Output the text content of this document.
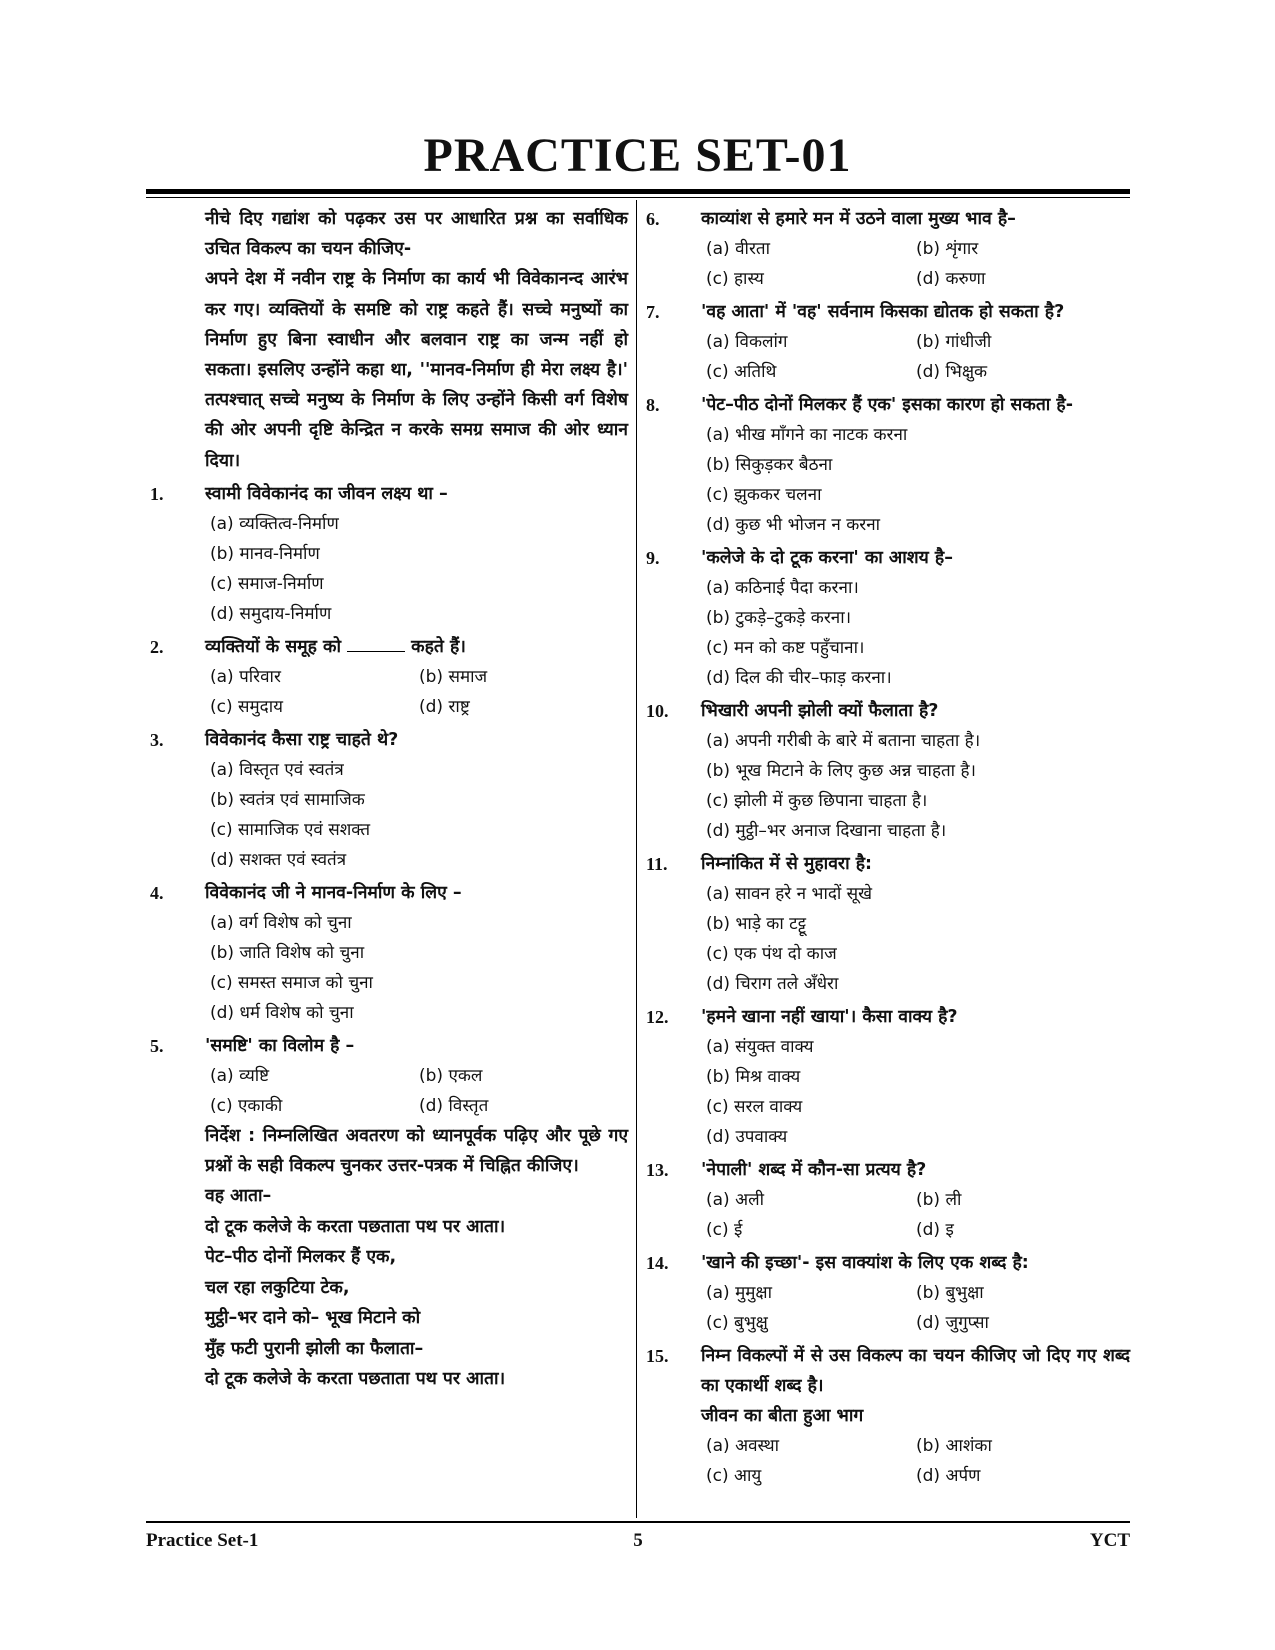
PRACTICE SET-01
नीचे दिए गद्यांश को पढ़कर उस पर आधारित प्रश्न का सर्वाधिक उचित विकल्प का चयन कीजिए-
अपने देश में नवीन राष्ट्र के निर्माण का कार्य भी विवेकानन्द आरंभ कर गए। व्यक्तियों के समष्टि को राष्ट्र कहते हैं। सच्चे मनुष्यों का निर्माण हुए बिना स्वाधीन और बलवान राष्ट्र का जन्म नहीं हो सकता। इसलिए उन्होंने कहा था, ''मानव-निर्माण ही मेरा लक्ष्य है।' तत्पश्चात् सच्चे मनुष्य के निर्माण के लिए उन्होंने किसी वर्ग विशेष की ओर अपनी दृष्टि केन्द्रित न करके समग्र समाज की ओर ध्यान दिया।
1.	स्वामी विवेकानंद का जीवन लक्ष्य था –
(a) व्यक्तित्व-निर्माण
(b) मानव-निर्माण
(c) समाज-निर्माण
(d) समुदाय-निर्माण
2.	व्यक्तियों के समूह को	कहते हैं।
(a) परिवार	(b) समाज
(c) समुदाय	(d) राष्ट्र
3.	विवेकानंद कैसा राष्ट्र चाहते थे?
(a) विस्तृत एवं स्वतंत्र
(b) स्वतंत्र एवं सामाजिक
(c) सामाजिक एवं सशक्त
(d) सशक्त एवं स्वतंत्र
4.	विवेकानंद जी ने मानव-निर्माण के लिए –
(a) वर्ग विशेष को चुना
(b) जाति विशेष को चुना
(c) समस्त समाज को चुना
(d) धर्म विशेष को चुना
5.	'समष्टि' का विलोम है –
(a) व्यष्टि	(b) एकल
(c) एकाकी	(d) विस्तृत
निर्देश : निम्नलिखित अवतरण को ध्यानपूर्वक पढ़िए और पूछे गए प्रश्नों के सही विकल्प चुनकर उत्तर-पत्रक में चिह्नित कीजिए।
वह आता–
दो टूक कलेजे के करता पछताता पथ पर आता।
पेट–पीठ दोनों मिलकर हैं एक,
चल रहा लकुटिया टेक,
मुट्ठी–भर दाने को– भूख मिटाने को
मुँह फटी पुरानी झोली का फैलाता–
दो टूक कलेजे के करता पछताता पथ पर आता।
6.	काव्यांश से हमारे मन में उठने वाला मुख्य भाव है–
(a) वीरता	(b) शृंगार
(c) हास्य	(d) करुणा
7.	'वह आता' में 'वह' सर्वनाम किसका द्योतक हो सकता है?
(a) विकलांग	(b) गांधीजी
(c) अतिथि	(d) भिक्षुक
8.	'पेट–पीठ दोनों मिलकर हैं एक' इसका कारण हो सकता है-
(a) भीख माँगने का नाटक करना
(b) सिकुड़कर बैठना
(c) झुककर चलना
(d) कुछ भी भोजन न करना
9.	'कलेजे के दो टूक करना' का आशय है–
(a) कठिनाई पैदा करना।
(b) टुकड़े–टुकड़े करना।
(c) मन को कष्ट पहुँचाना।
(d) दिल की चीर–फाड़ करना।
10.	भिखारी अपनी झोली क्यों फैलाता है?
(a) अपनी गरीबी के बारे में बताना चाहता है।
(b) भूख मिटाने के लिए कुछ अन्न चाहता है।
(c) झोली में कुछ छिपाना चाहता है।
(d) मुट्ठी–भर अनाज दिखाना चाहता है।
11.	निम्नांकित में से मुहावरा है:
(a) सावन हरे न भादों सूखे
(b) भाड़े का टट्टू
(c) एक पंथ दो काज
(d) चिराग तले अँधेरा
12.	'हमने खाना नहीं खाया'। कैसा वाक्य है?
(a) संयुक्त वाक्य
(b) मिश्र वाक्य
(c) सरल वाक्य
(d) उपवाक्य
13.	'नेपाली' शब्द में कौन-सा प्रत्यय है?
(a) अली	(b) ली
(c) ई	(d) इ
14.	'खाने की इच्छा'- इस वाक्यांश के लिए एक शब्द है:
(a) मुमुक्षा	(b) बुभुक्षा
(c) बुभुक्षु	(d) जुगुप्सा
15.	निम्न विकल्पों में से उस विकल्प का चयन कीजिए जो दिए गए शब्द का एकार्थी शब्द है।
जीवन का बीता हुआ भाग
(a) अवस्था	(b) आशंका
(c) आयु	(d) अर्पण
Practice Set-1	5	YCT
